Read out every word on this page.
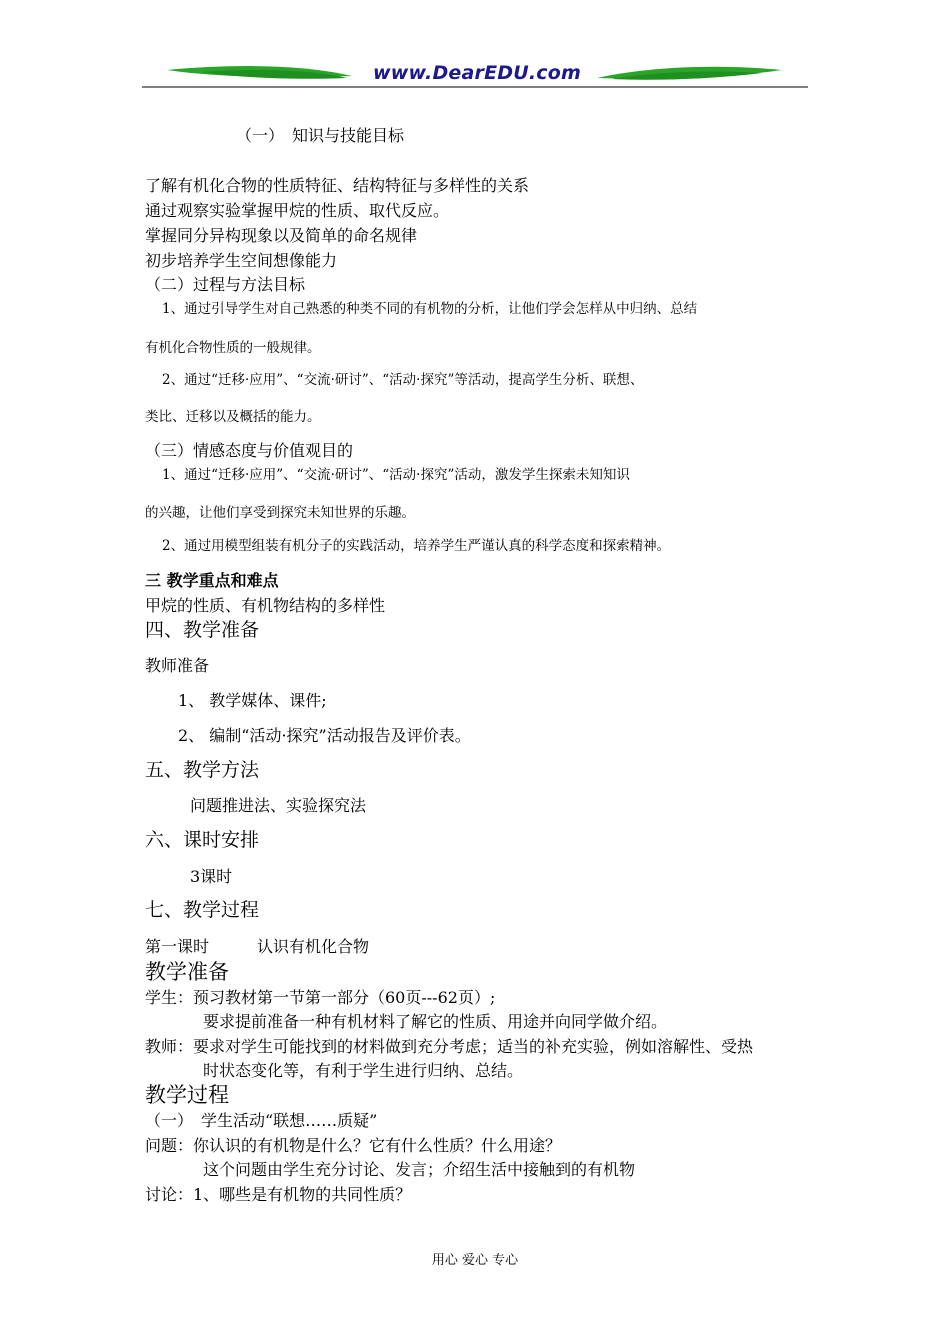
www.DearEDU.com
（一）　知识与技能目标
了解有机化合物的性质特征、结构特征与多样性的关系
通过观察实验掌握甲烷的性质、取代反应。
掌握同分异构现象以及简单的命名规律
初步培养学生空间想像能力
（二）过程与方法目标
1、通过引导学生对自己熟悉的种类不同的有机物的分析，让他们学会怎样从中归纳、总结
有机化合物性质的一般规律。
2、通过“迁移·应用”、“交流·研讨”、“活动·探究”等活动，提高学生分析、联想、
类比、迁移以及概括的能力。
（三）情感态度与价值观目的
1、通过“迁移·应用”、“交流·研讨”、“活动·探究”活动，激发学生探索未知知识
的兴趣，让他们享受到探究未知世界的乐趣。
2、通过用模型组装有机分子的实践活动，培养学生严谨认真的科学态度和探索精神。
三 教学重点和难点
甲烷的性质、有机物结构的多样性
四、教学准备
教师准备
1、 教学媒体、课件;
2、 编制“活动·探究”活动报告及评价表。
五、教学方法
问题推进法、实验探究法
六、课时安排
3课时
七、教学过程
第一课时　　　认识有机化合物
教学准备
学生：预习教材第一节第一部分（60页---62页）;
要求提前准备一种有机材料了解它的性质、用途并向同学做介绍。
教师：要求对学生可能找到的材料做到充分考虑；适当的补充实验，例如溶解性、受热
时状态变化等，有利于学生进行归纳、总结。
教学过程
（一）　学生活动“联想……质疑”
问题：你认识的有机物是什么？它有什么性质？什么用途？
这个问题由学生充分讨论、发言；介绍生活中接触到的有机物
讨论：1、哪些是有机物的共同性质？
用心 爱心 专心
